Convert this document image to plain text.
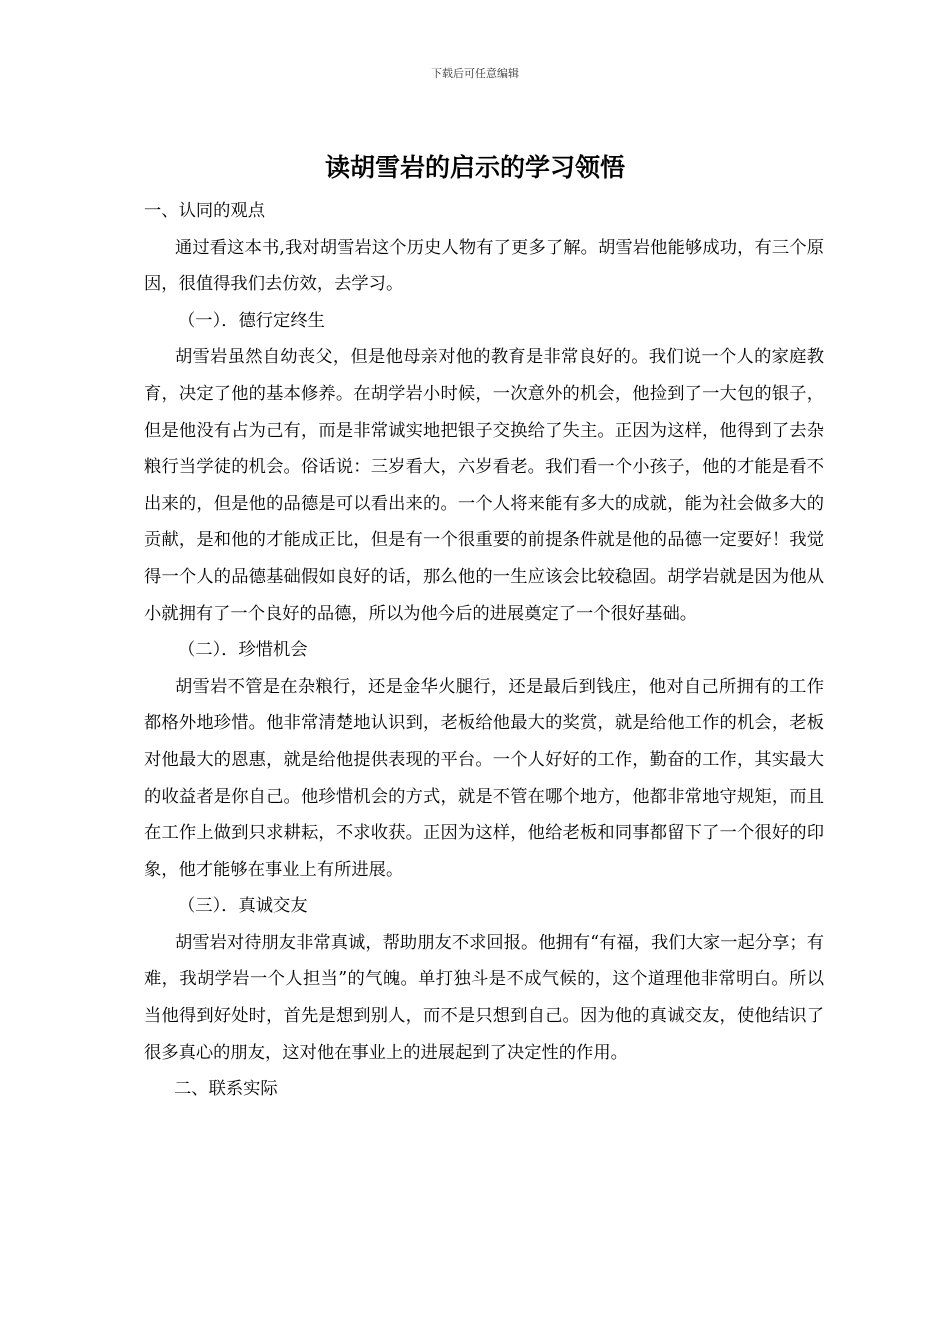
下载后可任意编辑
读胡雪岩的启示的学习领悟

一、认同的观点

通过看这本书,我对胡雪岩这个历史人物有了更多了解。胡雪岩他能够成功，有三个原因，很值得我们去仿效，去学习。

（一）．德行定终生

胡雪岩虽然自幼丧父，但是他母亲对他的教育是非常良好的。我们说一个人的家庭教育，决定了他的基本修养。在胡学岩小时候，一次意外的机会，他捡到了一大包的银子，但是他没有占为己有，而是非常诚实地把银子交换给了失主。正因为这样，他得到了去杂粮行当学徒的机会。俗话说：三岁看大，六岁看老。我们看一个小孩子，他的才能是看不出来的，但是他的品德是可以看出来的。一个人将来能有多大的成就，能为社会做多大的贡献，是和他的才能成正比，但是有一个很重要的前提条件就是他的品德一定要好！我觉得一个人的品德基础假如良好的话，那么他的一生应该会比较稳固。胡学岩就是因为他从小就拥有了一个良好的品德，所以为他今后的进展奠定了一个很好基础。

（二）．珍惜机会

胡雪岩不管是在杂粮行，还是金华火腿行，还是最后到钱庄，他对自己所拥有的工作都格外地珍惜。他非常清楚地认识到，老板给他最大的奖赏，就是给他工作的机会，老板对他最大的恩惠，就是给他提供表现的平台。一个人好好的工作，勤奋的工作，其实最大的收益者是你自己。他珍惜机会的方式，就是不管在哪个地方，他都非常地守规矩，而且在工作上做到只求耕耘，不求收获。正因为这样，他给老板和同事都留下了一个很好的印象，他才能够在事业上有所进展。

（三）．真诚交友

胡雪岩对待朋友非常真诚，帮助朋友不求回报。他拥有“有福，我们大家一起分享；有难，我胡学岩一个人担当”的气魄。单打独斗是不成气候的，这个道理他非常明白。所以当他得到好处时，首先是想到别人，而不是只想到自己。因为他的真诚交友，使他结识了很多真心的朋友，这对他在事业上的进展起到了决定性的作用。

二、联系实际
